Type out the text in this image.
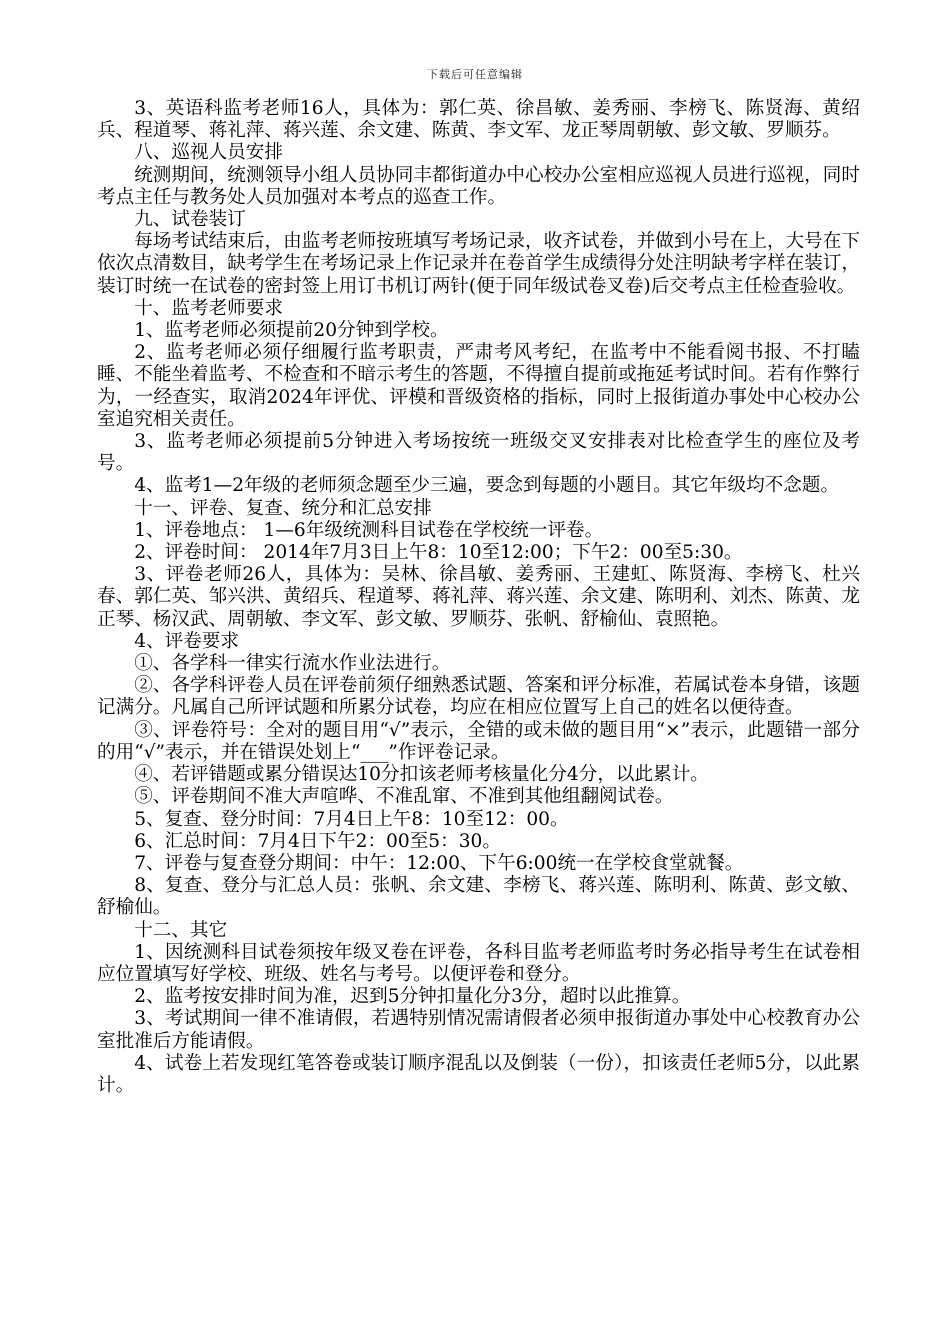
下载后可任意编辑

3、英语科监考老师16人，具体为：郭仁英、徐昌敏、姜秀丽、李榜飞、陈贤海、黄绍兵、程道琴、蒋礼萍、蒋兴莲、余文建、陈黄、李文军、龙正琴周朝敏、彭文敏、罗顺芬。

八、巡视人员安排

统测期间，统测领导小组人员协同丰都街道办中心校办公室相应巡视人员进行巡视，同时考点主任与教务处人员加强对本考点的巡查工作。

九、试卷装订

每场考试结束后，由监考老师按班填写考场记录，收齐试卷，并做到小号在上，大号在下依次点清数目，缺考学生在考场记录上作记录并在卷首学生成绩得分处注明缺考字样在装订，装订时统一在试卷的密封签上用订书机订两针(便于同年级试卷叉卷)后交考点主任检查验收。

十、监考老师要求

1、监考老师必须提前20分钟到学校。

2、监考老师必须仔细履行监考职责，严肃考风考纪，在监考中不能看阅书报、不打瞌睡、不能坐着监考、不检查和不暗示考生的答题，不得擅自提前或拖延考试时间。若有作弊行为，一经查实，取消2024年评优、评模和晋级资格的指标，同时上报街道办事处中心校办公室追究相关责任。

3、监考老师必须提前5分钟进入考场按统一班级交叉安排表对比检查学生的座位及考号。

4、监考1—2年级的老师须念题至少三遍，要念到每题的小题目。其它年级均不念题。

十一、评卷、复查、统分和汇总安排

1、评卷地点： 1—6年级统测科目试卷在学校统一评卷。

2、评卷时间： 2014年7月3日上午8：10至12:00；下午2：00至5:30。

3、评卷老师26人，具体为：吴林、徐昌敏、姜秀丽、王建虹、陈贤海、李榜飞、杜兴春、郭仁英、邹兴洪、黄绍兵、程道琴、蒋礼萍、蒋兴莲、余文建、陈明利、刘杰、陈黄、龙正琴、杨汉武、周朝敏、李文军、彭文敏、罗顺芬、张帆、舒榆仙、袁照艳。

4、评卷要求

①、各学科一律实行流水作业法进行。

②、各学科评卷人员在评卷前须仔细熟悉试题、答案和评分标准，若属试卷本身错，该题记满分。凡属自己所评试题和所累分试卷，均应在相应位置写上自己的姓名以便待查。

③、评卷符号：全对的题目用“√”表示，全错的或未做的题目用“×”表示，此题错一部分的用“√”表示，并在错误处划上“___”作评卷记录。

④、若评错题或累分错误达10分扣该老师考核量化分4分，以此累计。

⑤、评卷期间不准大声喧哗、不准乱窜、不准到其他组翻阅试卷。

5、复查、登分时间：7月4日上午8：10至12：00。

6、汇总时间：7月4日下午2：00至5：30。

7、评卷与复查登分期间：中午：12:00、下午6:00统一在学校食堂就餐。

8、复查、登分与汇总人员：张帆、余文建、李榜飞、蒋兴莲、陈明利、陈黄、彭文敏、舒榆仙。

十二、其它

1、因统测科目试卷须按年级叉卷在评卷，各科目监考老师监考时务必指导考生在试卷相应位置填写好学校、班级、姓名与考号。以便评卷和登分。

2、监考按安排时间为准，迟到5分钟扣量化分3分，超时以此推算。

3、考试期间一律不准请假，若遇特别情况需请假者必须申报街道办事处中心校教育办公室批准后方能请假。

4、试卷上若发现红笔答卷或装订顺序混乱以及倒装（一份），扣该责任老师5分，以此累计。
